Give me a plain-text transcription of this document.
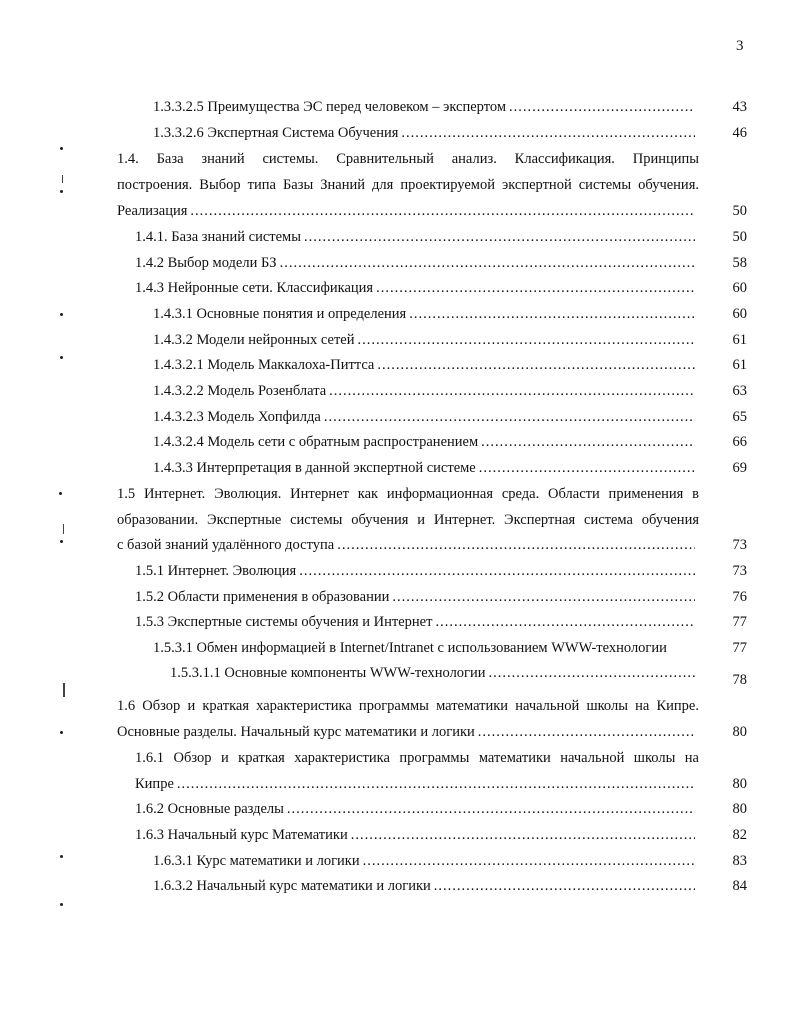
3
1.3.3.2.5 Преимущества ЭС перед человеком – экспертом .....	43
1.3.3.2.6 Экспертная Система Обучения .....	46
1.4. База знаний системы. Сравнительный анализ. Классификация. Принципы
построения. Выбор типа Базы Знаний для проектируемой экспертной системы обучения.
Реализация .....	50
1.4.1. База знаний системы .....	50
1.4.2 Выбор модели БЗ .....	58
1.4.3 Нейронные сети. Классификация .....	60
1.4.3.1 Основные понятия и определения .....	60
1.4.3.2 Модели нейронных сетей .....	61
1.4.3.2.1 Модель Маккалоха-Питтса .....	61
1.4.3.2.2 Модель Розенблата .....	63
1.4.3.2.3 Модель Хопфилда .....	65
1.4.3.2.4 Модель сети с обратным распространением .....	66
1.4.3.3 Интерпретация в данной экспертной системе .....	69
1.5 Интернет. Эволюция. Интернет как информационная среда. Области применения в
образовании. Экспертные системы обучения и Интернет. Экспертная система обучения
с базой знаний удалённого доступа .....	73
1.5.1 Интернет. Эволюция .....	73
1.5.2 Области применения в образовании .....	76
1.5.3 Экспертные системы обучения и Интернет .....	77
1.5.3.1 Обмен информацией в Internet/Intranet с использованием WWW-технологии	77
1.5.3.1.1 Основные компоненты WWW-технологии .....	78
1.6 Обзор и краткая характеристика программы математики начальной школы на Кипре.
Основные разделы. Начальный курс математики и логики .....	80
1.6.1 Обзор и краткая характеристика программы математики начальной школы на
Кипре .....	80
1.6.2 Основные разделы .....	80
1.6.3 Начальный курс Математики .....	82
1.6.3.1 Курс математики и логики .....	83
1.6.3.2 Начальный курс математики и логики .....	84
